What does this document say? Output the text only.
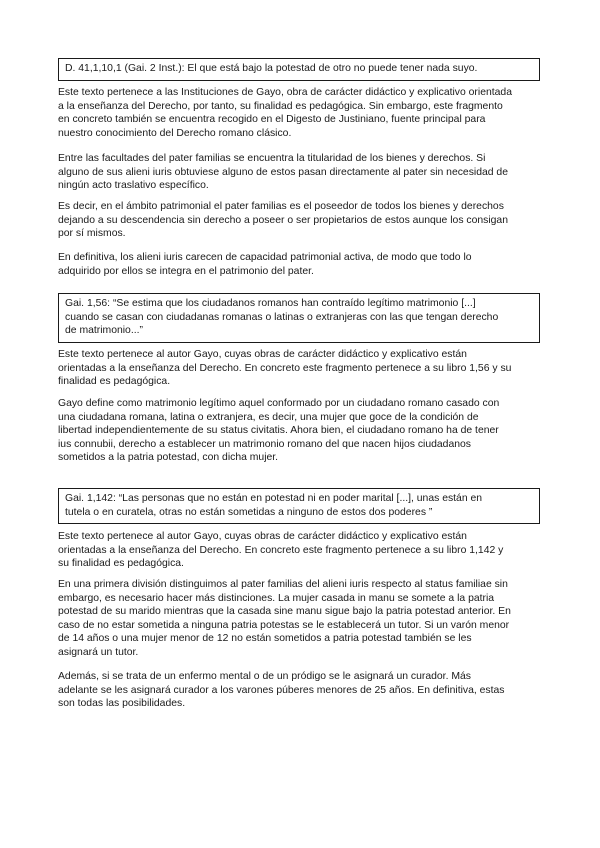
D. 41,1,10,1 (Gai. 2 Inst.): El que está bajo la potestad de otro no puede tener nada suyo.
Este texto pertenece a las Instituciones de Gayo, obra de carácter didáctico y explicativo orientada
a la enseñanza del Derecho, por tanto, su finalidad es pedagógica. Sin embargo, este fragmento
en concreto también se encuentra recogido en el Digesto de Justiniano, fuente principal para
nuestro conocimiento del Derecho romano clásico.
Entre las facultades del pater familias se encuentra la titularidad de los bienes y derechos. Si
alguno de sus alieni iuris obtuviese alguno de estos pasan directamente al pater sin necesidad de
ningún acto traslativo específico.
Es decir, en el ámbito patrimonial el pater familias es el poseedor de todos los bienes y derechos
dejando a su descendencia sin derecho a poseer o ser propietarios de estos aunque los consigan
por sí mismos.
En definitiva, los alieni iuris carecen de capacidad patrimonial activa, de modo que todo lo
adquirido por ellos se integra en el patrimonio del pater.
Gai. 1,56: “Se estima que los ciudadanos romanos han contraído legítimo matrimonio [...]
cuando se casan con ciudadanas romanas o latinas o extranjeras con las que tengan derecho
de matrimonio...”
Este texto pertenece al autor Gayo, cuyas obras de carácter didáctico y explicativo están
orientadas a la enseñanza del Derecho. En concreto este fragmento pertenece a su libro 1,56 y su
finalidad es pedagógica.
Gayo define como matrimonio legítimo aquel conformado por un ciudadano romano casado con
una ciudadana romana, latina o extranjera, es decir, una mujer que goce de la condición de
libertad independientemente de su status civitatis. Ahora bien, el ciudadano romano ha de tener
ius connubii, derecho a establecer un matrimonio romano del que nacen hijos ciudadanos
sometidos a la patria potestad, con dicha mujer.
Gai. 1,142: “Las personas que no están en potestad ni en poder marital [...], unas están en
tutela o en curatela, otras no están sometidas a ninguno de estos dos poderes ”
Este texto pertenece al autor Gayo, cuyas obras de carácter didáctico y explicativo están
orientadas a la enseñanza del Derecho. En concreto este fragmento pertenece a su libro 1,142 y
su finalidad es pedagógica.
En una primera división distinguimos al pater familias del alieni iuris respecto al status familiae sin
embargo, es necesario hacer más distinciones. La mujer casada in manu se somete a la patria
potestad de su marido mientras que la casada sine manu sigue bajo la patria potestad anterior. En
caso de no estar sometida a ninguna patria potestas se le establecerá un tutor. Si un varón menor
de 14 años o una mujer menor de 12 no están sometidos a patria potestad también se les
asignará un tutor.
Además, si se trata de un enfermo mental o de un pródigo se le asignará un curador. Más
adelante se les asignará curador a los varones púberes menores de 25 años. En definitiva, estas
son todas las posibilidades.
